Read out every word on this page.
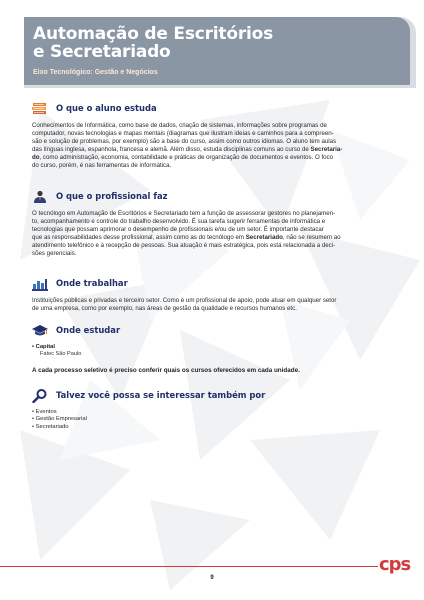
Automação de Escritórios
e Secretariado
Eixo Tecnológico: Gestão e Negócios
O que o aluno estuda
Conhecimentos de Informática, como base de dados, criação de sistemas, informações sobre programas de
computador, novas tecnologias e mapas mentais (diagramas que ilustram ideias e caminhos para a compreen-
são e solução de problemas, por exemplo) são a base do curso, assim como outros idiomas. O aluno tem aulas
das línguas inglesa, espanhola, francesa e alemã. Além disso, estuda disciplinas comuns ao curso de Secretaria-
do, como administração, economia, contabilidade e práticas de organização de documentos e eventos. O foco
do curso, porém, é nas ferramentas de informática.
O que o profissional faz
O tecnólogo em Automação de Escritórios e Secretariado tem a função de assessorar gestores no planejamen-
to, acompanhamento e controle do trabalho desenvolvido. É sua tarefa sugerir ferramentas de informática e
tecnologias que possam aprimorar o desempenho de profissionais e/ou de um setor. É importante destacar
que as responsabilidades desse profissional, assim como as do tecnólogo em Secretariado, não se resumem ao
atendimento telefônico e à recepção de pessoas. Sua atuação é mais estratégica, pois está relacionada a deci-
sões gerenciais.
Onde trabalhar
Instituições públicas e privadas e terceiro setor. Como é um profissional de apoio, pode atuar em qualquer setor
de uma empresa, como por exemplo, nas áreas de gestão da qualidade e recursos humanos etc.
Onde estudar
• Capital
Fatec São Paulo
A cada processo seletivo é preciso conferir quais os cursos oferecidos em cada unidade.
Talvez você possa se interessar também por
• Eventos
• Gestão Empresarial
• Secretariado
cps
9
